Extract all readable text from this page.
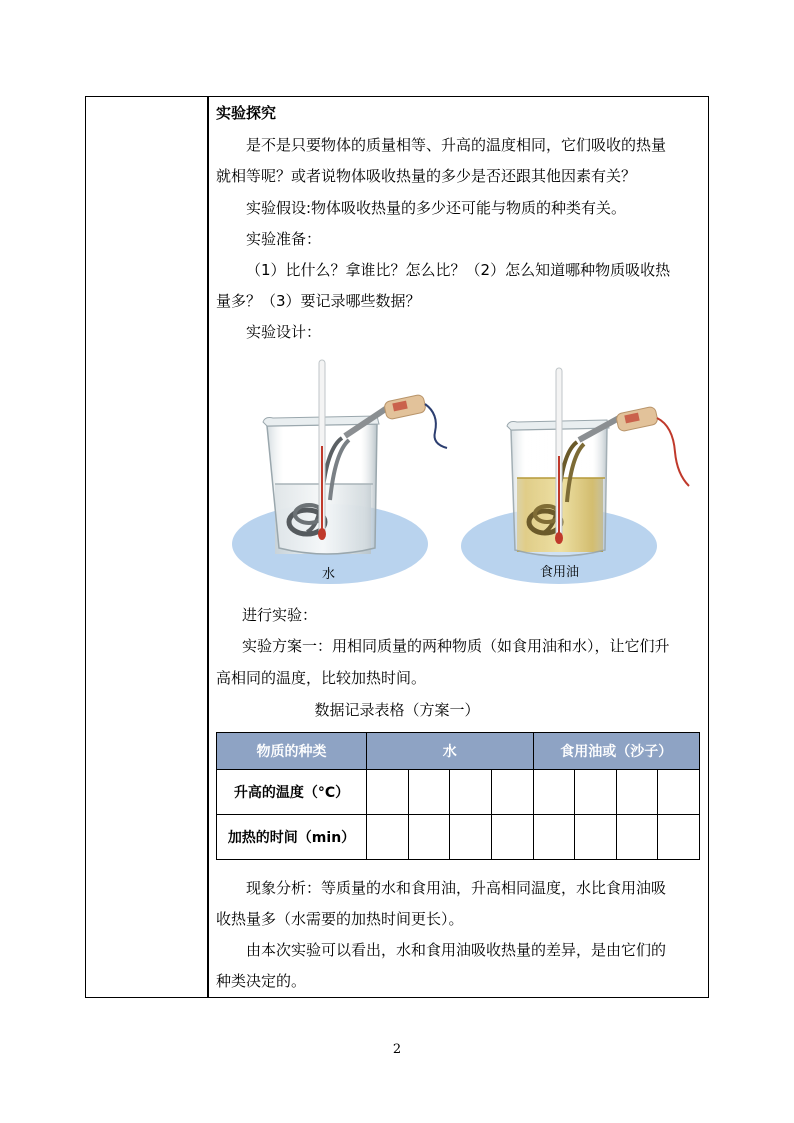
实验探究
是不是只要物体的质量相等、升高的温度相同，它们吸收的热量
就相等呢？或者说物体吸收热量的多少是否还跟其他因素有关？
实验假设:物体吸收热量的多少还可能与物质的种类有关。
实验准备：
（1）比什么？拿谁比？怎么比？（2）怎么知道哪种物质吸收热
量多？（3）要记录哪些数据？
实验设计：
水	食用油
进行实验：
实验方案一：用相同质量的两种物质（如食用油和水），让它们升
高相同的温度，比较加热时间。
数据记录表格（方案一）
物质的种类	水				食用油或（沙子）			
升高的温度（°C）								
加热的时间（min）								
现象分析：等质量的水和食用油，升高相同温度，水比食用油吸
收热量多（水需要的加热时间更长）。
由本次实验可以看出，水和食用油吸收热量的差异，是由它们的
种类决定的。
2
